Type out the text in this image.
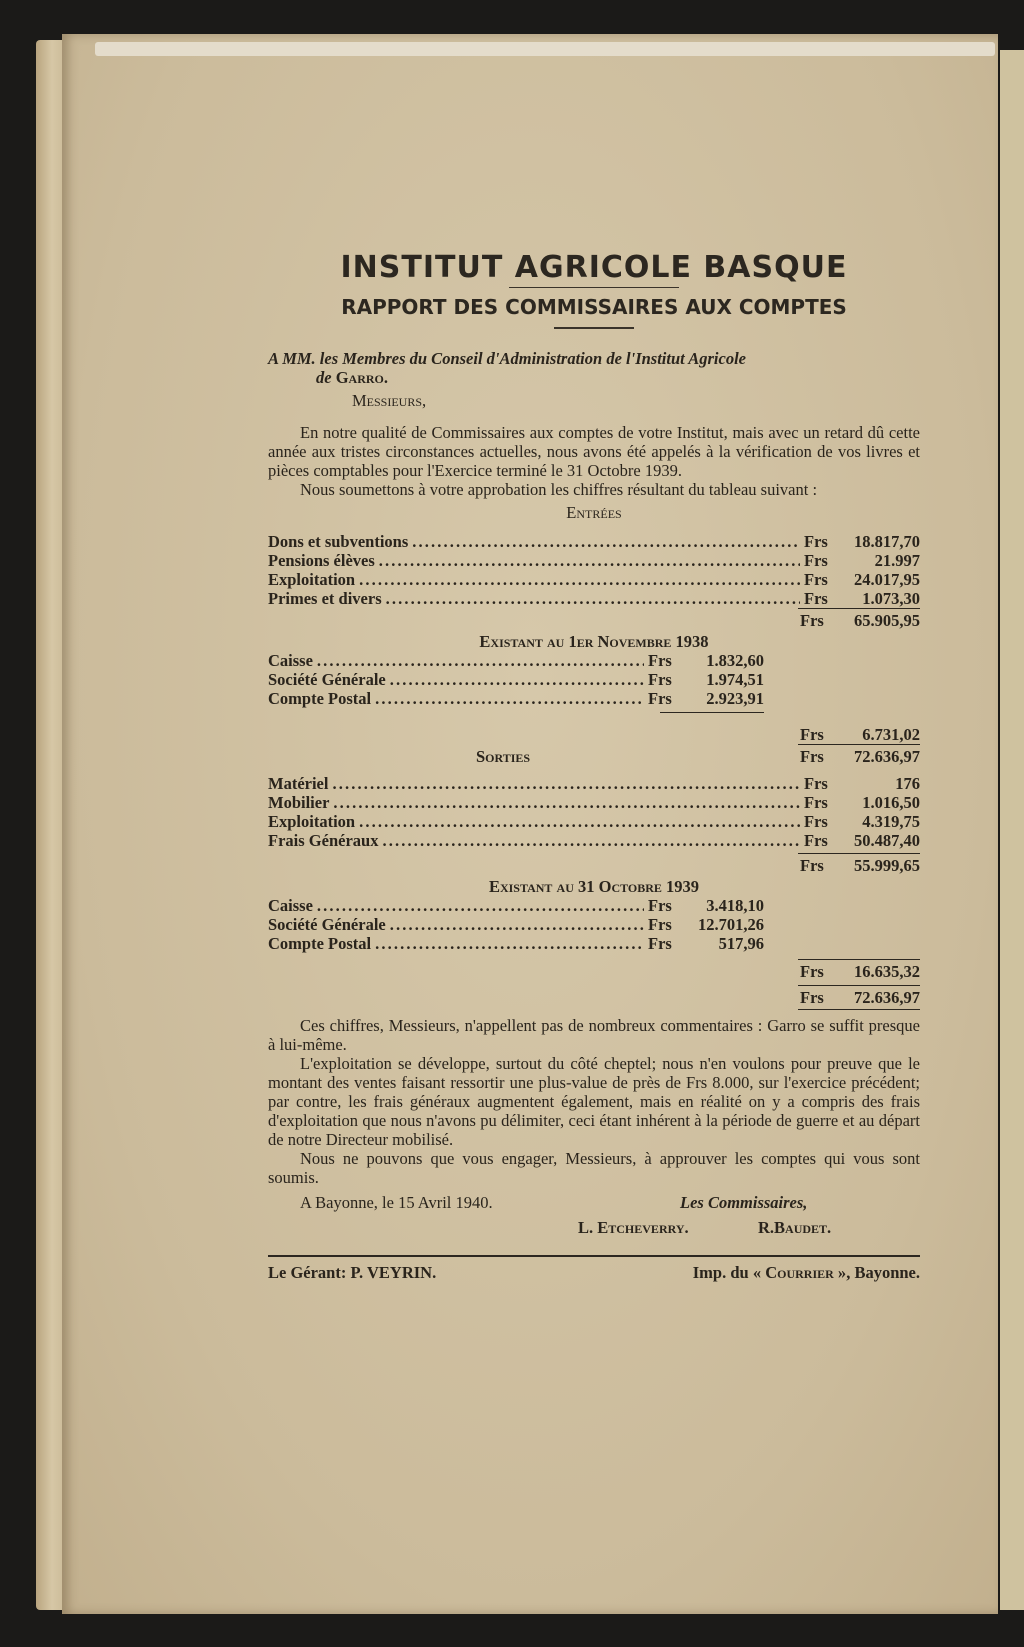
INSTITUT AGRICOLE BASQUE
RAPPORT DES COMMISSAIRES AUX COMPTES

A MM. les Membres du Conseil d'Administration de l'Institut Agricole

de Garro.

Messieurs,

En notre qualité de Commissaires aux comptes de votre Institut, mais avec un retard dû cette année aux tristes circonstances actuelles, nous avons été appelés à la vérification de vos livres et pièces comptables pour l'Exercice terminé le 31 Octobre 1939.

Nous soumettons à votre approbation les chiffres résultant du tableau suivant :

Entrées

Dons et subventions . . .	Frs	18.817,70
Pensions élèves . . .	Frs	21.997
Exploitation . . .	Frs	24.017,95
Primes et divers . . .	Frs	1.073,30
Frs	65.905,95

Existant au 1er Novembre 1938

Caisse . . .	Frs	1.832,60
Société Générale . . .	Frs	1.974,51
Compte Postal . . .	Frs	2.923,91
Frs	6.731,02

Sorties	Frs	72.636,97
Matériel . . .	Frs	176
Mobilier . . .	Frs	1.016,50
Exploitation . . .	Frs	4.319,75
Frais Généraux . . .	Frs	50.487,40
Frs	55.999,65

Existant au 31 Octobre 1939

Caisse . . .	Frs	3.418,10
Société Générale . . .	Frs	12.701,26
Compte Postal . . .	Frs	517,96
Frs	16.635,32
Frs	72.636,97

Ces chiffres, Messieurs, n'appellent pas de nombreux commentaires : Garro se suffit presque à lui-même.

L'exploitation se développe, surtout du côté cheptel; nous n'en voulons pour preuve que le montant des ventes faisant ressortir une plus-value de près de Frs 8.000, sur l'exercice précédent; par contre, les frais généraux augmentent également, mais en réalité on y a compris des frais d'exploitation que nous n'avons pu délimiter, ceci étant inhérent à la période de guerre et au départ de notre Directeur mobilisé.

Nous ne pouvons que vous engager, Messieurs, à approuver les comptes qui vous sont soumis.

A Bayonne, le 15 Avril 1940.	Les Commissaires,
L. Etcheverry.	R.Baudet.
Le Gérant: P. VEYRIN.	Imp. du « Courrier », Bayonne.
